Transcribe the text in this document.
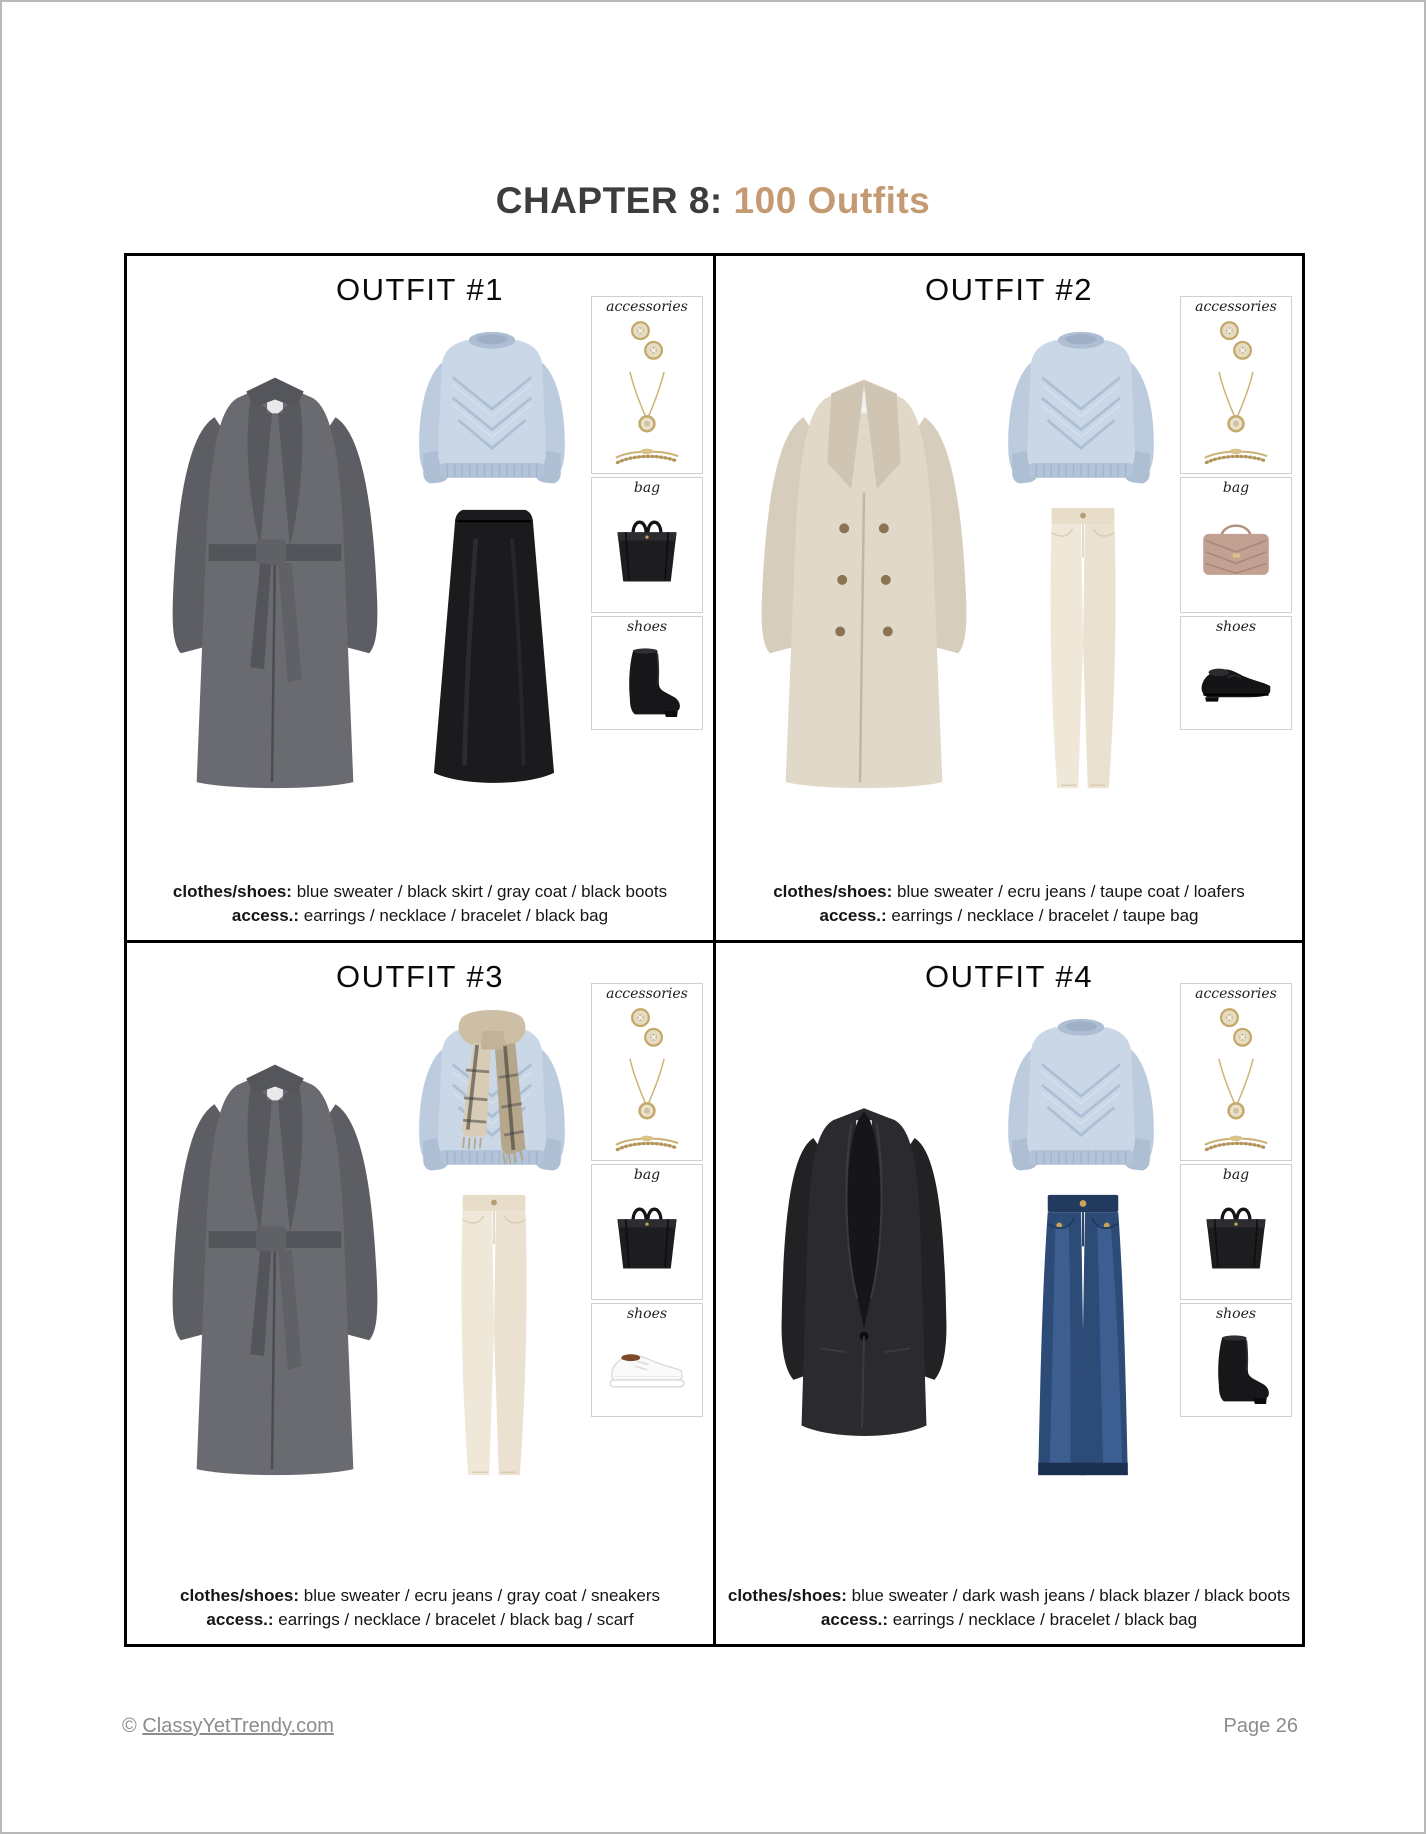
CHAPTER 8: 100 Outfits
OUTFIT #1	accessories
bag
shoes

clothes/shoes: blue sweater / black skirt / gray coat / black boots
access.: earrings / necklace / bracelet / black bag

OUTFIT #2	accessories
bag
shoes

clothes/shoes: blue sweater / ecru jeans / taupe coat / loafers
access.: earrings / necklace / bracelet / taupe bag

OUTFIT #3	accessories
bag
shoes

clothes/shoes: blue sweater / ecru jeans / gray coat / sneakers
access.: earrings / necklace / bracelet / black bag / scarf

OUTFIT #4	accessories
bag
shoes

clothes/shoes: blue sweater / dark wash jeans / black blazer / black boots
access.: earrings / necklace / bracelet / black bag

© ClassyYetTrendy.com	Page 26
